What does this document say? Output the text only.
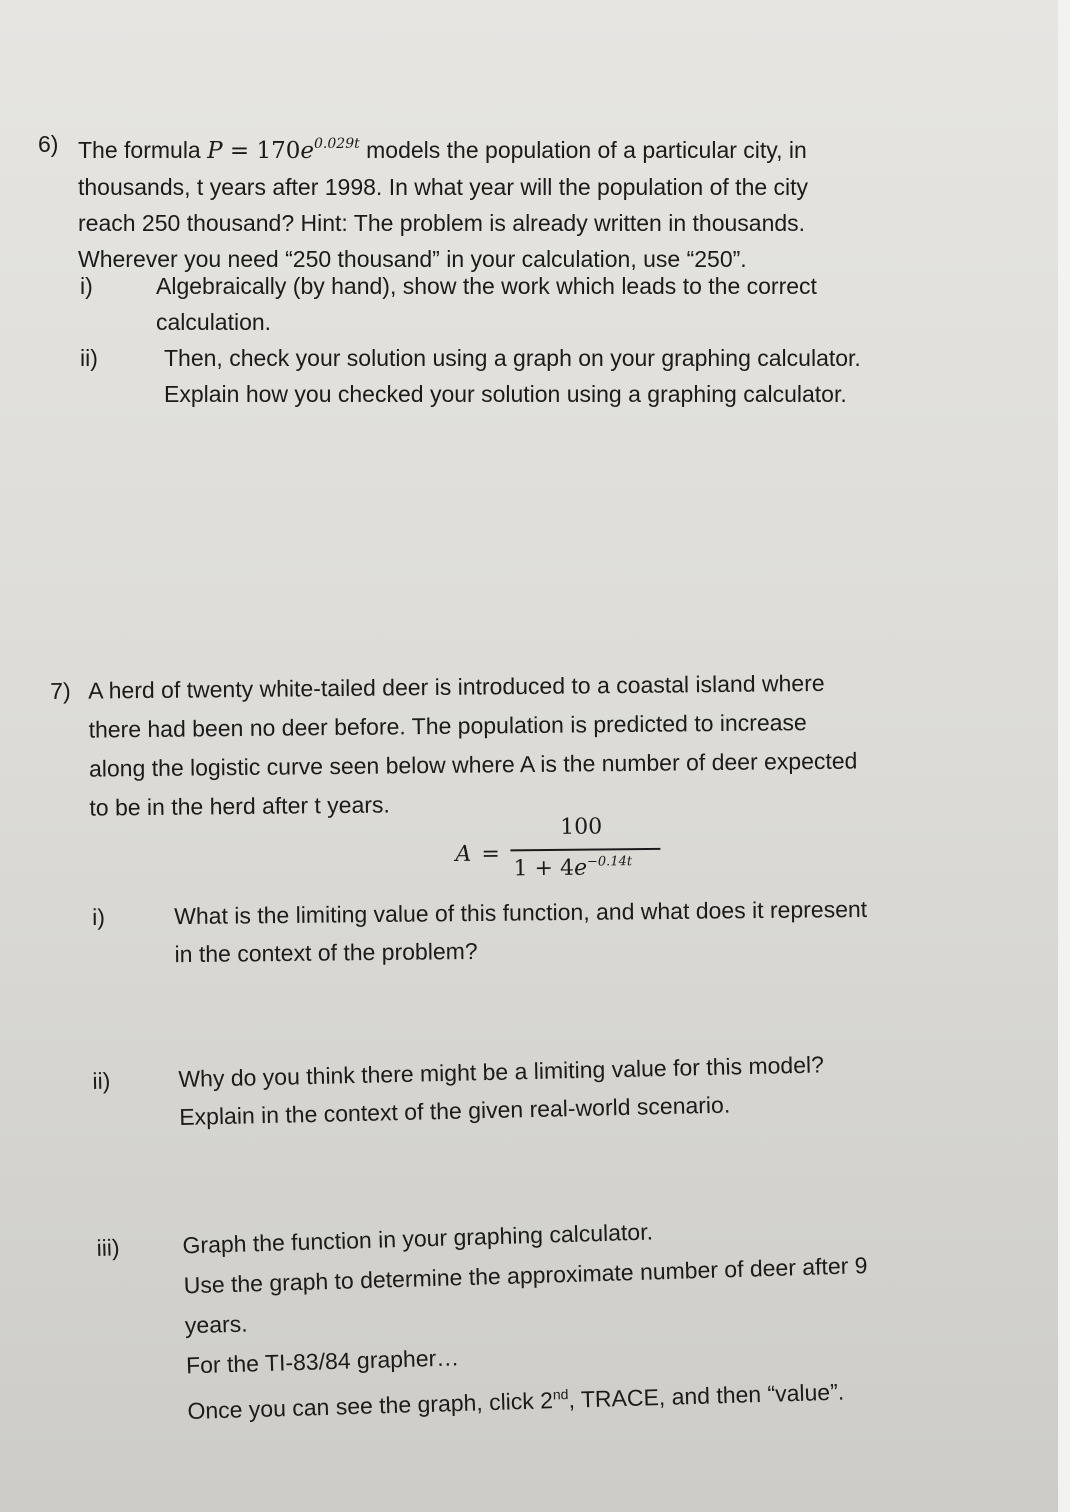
6) The formula $P = 170e^{0.029t}$ models the population of a particular city, in
thousands, t years after 1998. In what year will the population of the city
reach 250 thousand? Hint: The problem is already written in thousands.
Wherever you need “250 thousand” in your calculation, use “250”.
i)	Algebraically (by hand), show the work which leads to the correct
calculation.
ii)	Then, check your solution using a graph on your graphing calculator.
Explain how you checked your solution using a graphing calculator.
7) A herd of twenty white-tailed deer is introduced to a coastal island where
there had been no deer before. The population is predicted to increase
along the logistic curve seen below where A is the number of deer expected
to be in the herd after t years.
A =
100
$1 + 4e^{-0.14t}$
i)	What is the limiting value of this function, and what does it represent
in the context of the problem?
ii)	Why do you think there might be a limiting value for this model?
Explain in the context of the given real-world scenario.
iii)	Graph the function in your graphing calculator.
Use the graph to determine the approximate number of deer after 9
years.
For the TI-83/84 grapher…
Once you can see the graph, click 2nd, TRACE, and then “value”.
